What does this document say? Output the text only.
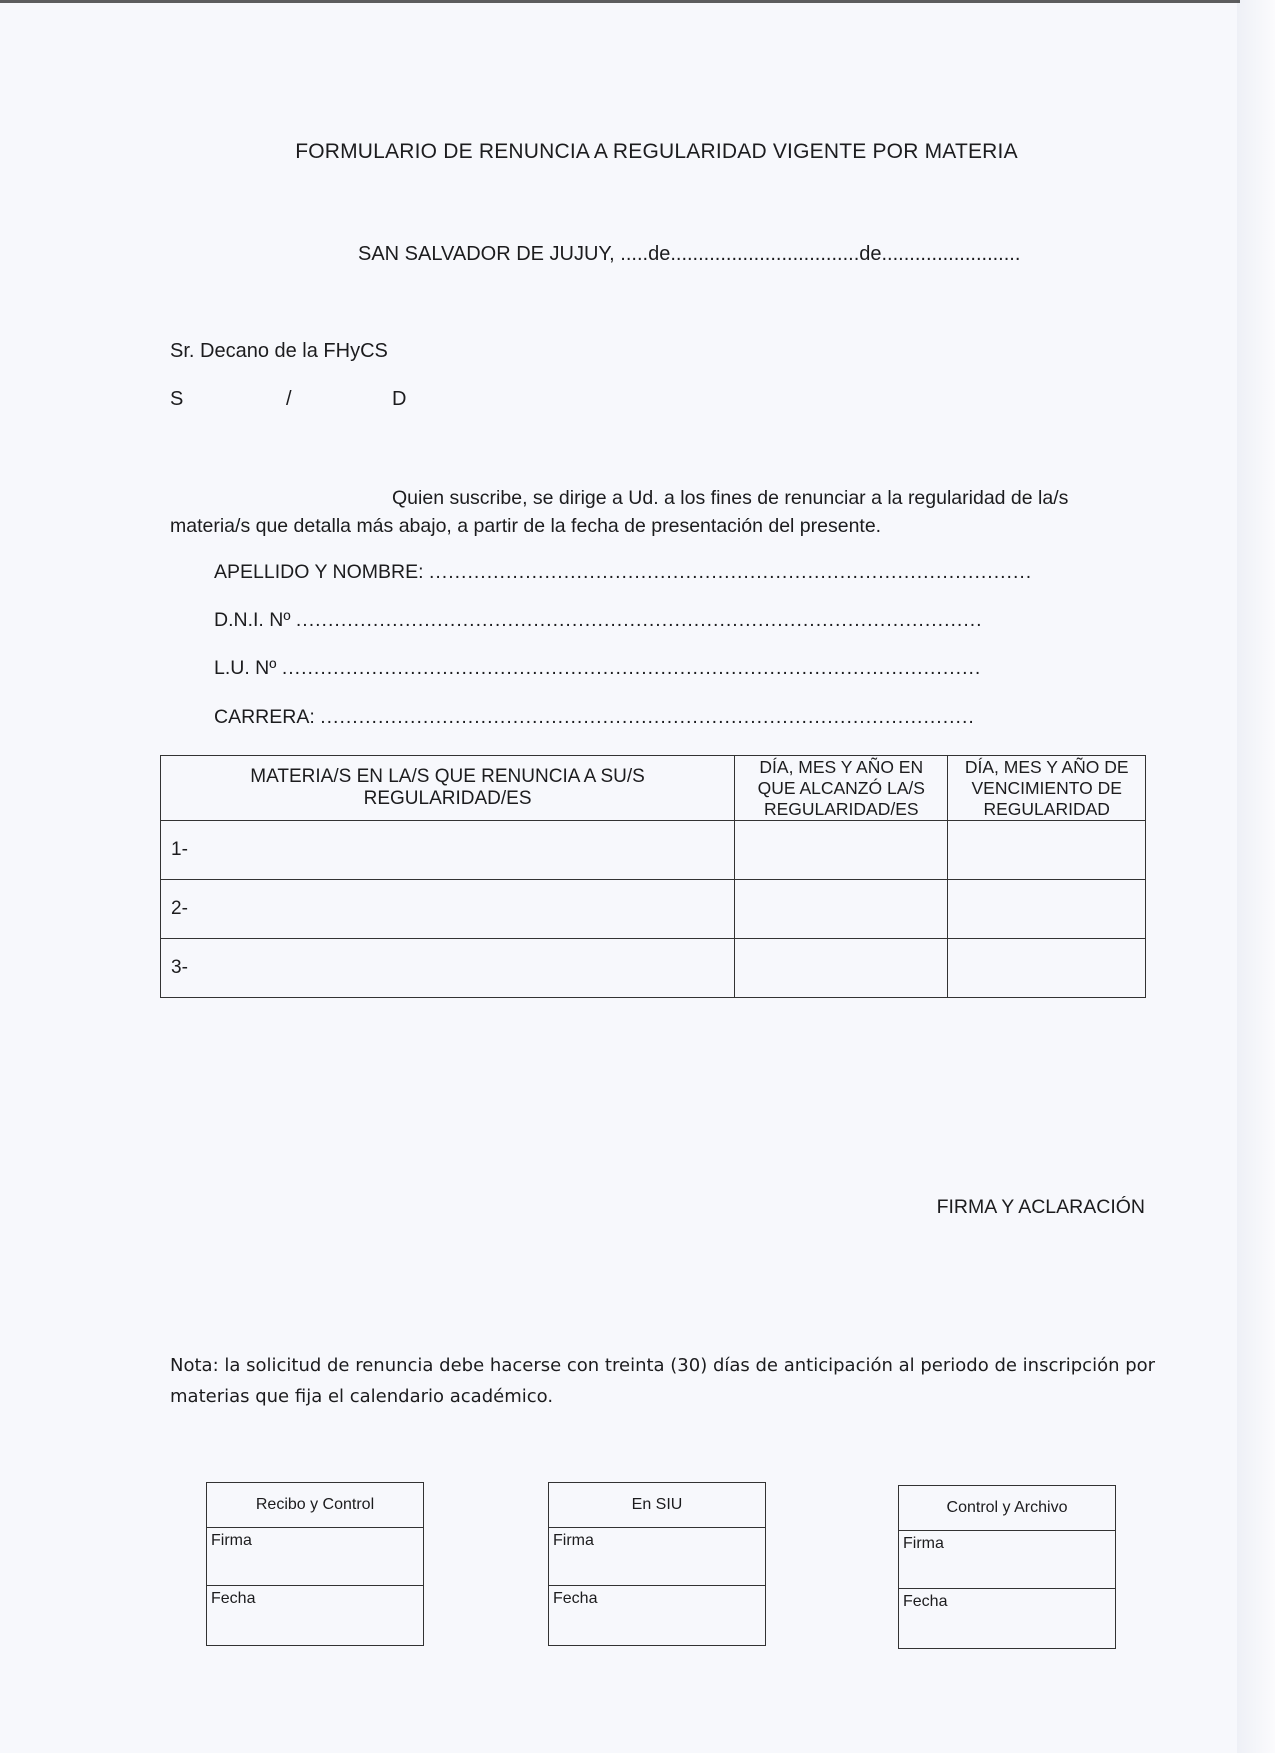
FORMULARIO DE RENUNCIA A REGULARIDAD VIGENTE POR MATERIA
SAN SALVADOR DE JUJUY, .....de..................................de.........................
Sr. Decano de la FHyCS
S	/	D
Quien suscribe, se dirige a Ud. a los fines de renunciar a la regularidad de la/s
materia/s que detalla más abajo, a partir de la fecha de presentación del presente.
APELLIDO Y NOMBRE: ..............................................................................................
D.N.I. Nº ...........................................................................................................
L.U. Nº .............................................................................................................
CARRERA: ......................................................................................................
MATERIA/S EN LA/S QUE RENUNCIA A SU/S REGULARIDAD/ES	DÍA, MES Y AÑO EN QUE ALCANZÓ LA/S REGULARIDAD/ES	DÍA, MES Y AÑO DE VENCIMIENTO DE REGULARIDAD
1-		
2-		
3-		
FIRMA Y ACLARACIÓN
Nota: la solicitud de renuncia debe hacerse con treinta (30) días de anticipación al periodo de inscripción por materias que fija el calendario académico.
Recibo y Control
Firma
Fecha
En SIU
Firma
Fecha
Control y Archivo
Firma
Fecha
